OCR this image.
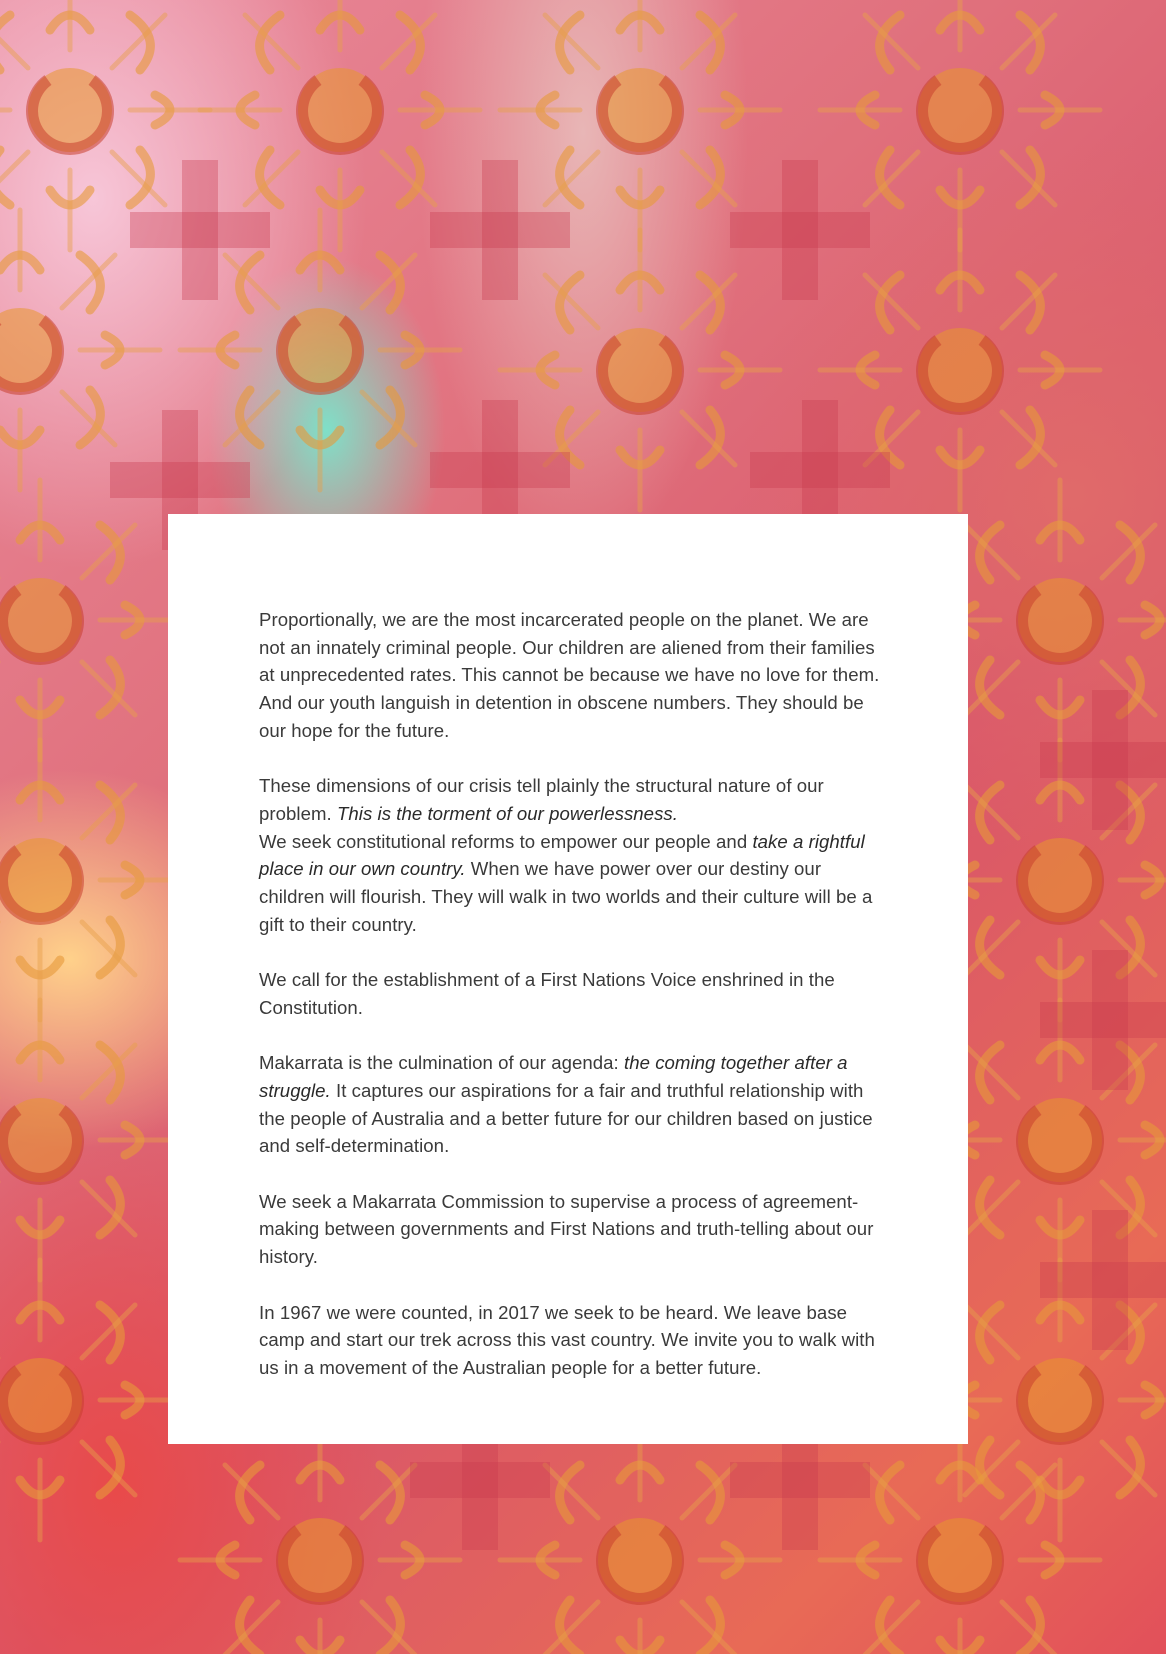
Proportionally, we are the most incarcerated people on the planet. We are not an innately criminal people. Our children are aliened from their families at unprecedented rates. This cannot be because we have no love for them. And our youth languish in detention in obscene numbers. They should be our hope for the future.

These dimensions of our crisis tell plainly the structural nature of our problem. This is the torment of our powerlessness.
We seek constitutional reforms to empower our people and take a rightful place in our own country. When we have power over our destiny our children will flourish. They will walk in two worlds and their culture will be a gift to their country.

We call for the establishment of a First Nations Voice enshrined in the Constitution.

Makarrata is the culmination of our agenda: the coming together after a struggle. It captures our aspirations for a fair and truthful relationship with the people of Australia and a better future for our children based on justice and self-determination.

We seek a Makarrata Commission to supervise a process of agreement-making between governments and First Nations and truth-telling about our history.

In 1967 we were counted, in 2017 we seek to be heard. We leave base camp and start our trek across this vast country. We invite you to walk with us in a movement of the Australian people for a better future.
